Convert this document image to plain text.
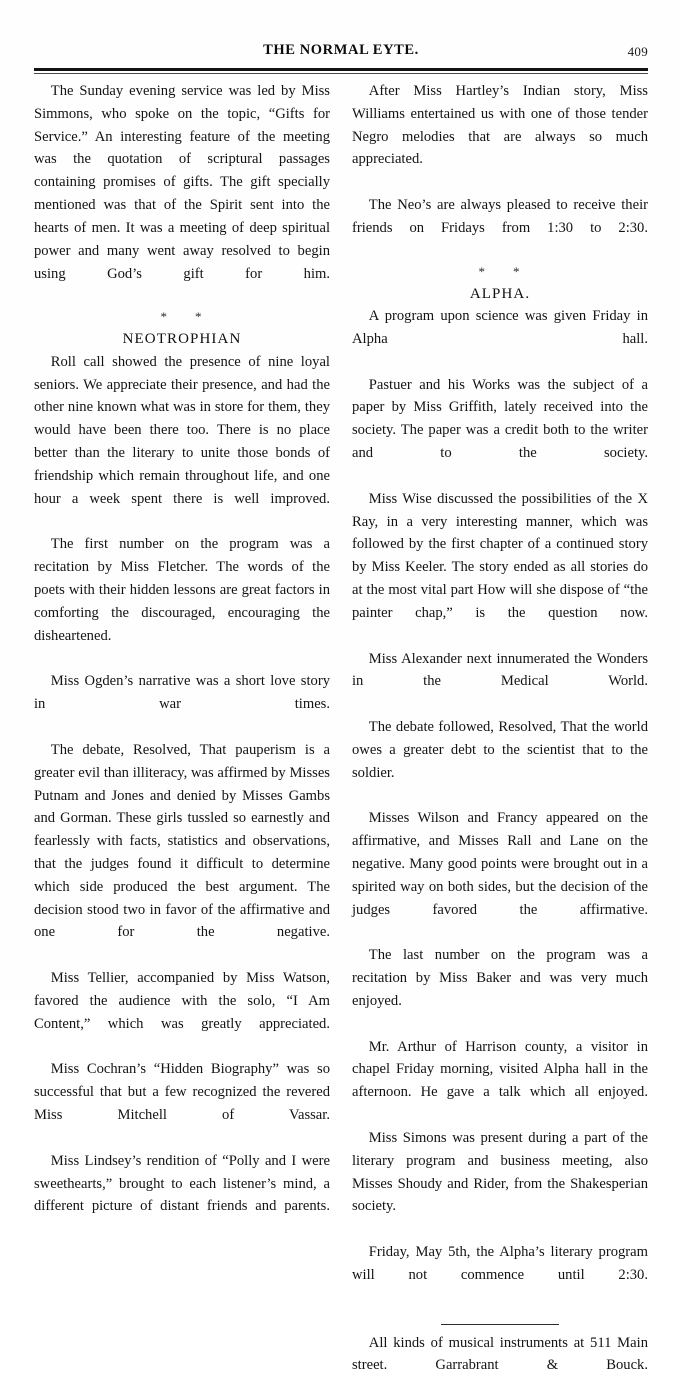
THE NORMAL EYTE.	409

The Sunday evening service was led by Miss Simmons, who spoke on the topic, “Gifts for Service.” An interesting feature of the meeting was the quotation of scriptural passages containing promises of gifts. The gift specially mentioned was that of the Spirit sent into the hearts of men. It was a meeting of deep spiritual power and many went away resolved to begin using God’s gift for him.

* *
NEOTROPHIAN

Roll call showed the presence of nine loyal seniors. We appreciate their presence, and had the other nine known what was in store for them, they would have been there too. There is no place better than the literary to unite those bonds of friendship which remain throughout life, and one hour a week spent there is well improved.

The first number on the program was a recitation by Miss Fletcher. The words of the poets with their hidden lessons are great factors in comforting the discouraged, encouraging the disheartened.

Miss Ogden’s narrative was a short love story in war times.

The debate, Resolved, That pauperism is a greater evil than illiteracy, was affirmed by Misses Putnam and Jones and denied by Misses Gambs and Gorman. These girls tussled so earnestly and fearlessly with facts, statistics and observations, that the judges found it difficult to determine which side produced the best argument. The decision stood two in favor of the affirmative and one for the negative.

Miss Tellier, accompanied by Miss Watson, favored the audience with the solo, “I Am Content,” which was greatly appreciated.

Miss Cochran’s “Hidden Biography” was so successful that but a few recognized the revered Miss Mitchell of Vassar.

Miss Lindsey’s rendition of “Polly and I were sweethearts,” brought to each listener’s mind, a different picture of distant friends and parents.

After Miss Hartley’s Indian story, Miss Williams entertained us with one of those tender Negro melodies that are always so much appreciated.

The Neo’s are always pleased to receive their friends on Fridays from 1:30 to 2:30.

* *
ALPHA.

A program upon science was given Friday in Alpha hall.

Pastuer and his Works was the subject of a paper by Miss Griffith, lately received into the society. The paper was a credit both to the writer and to the society.

Miss Wise discussed the possibilities of the X Ray, in a very interesting manner, which was followed by the first chapter of a continued story by Miss Keeler. The story ended as all stories do at the most vital part How will she dispose of “the painter chap,” is the question now.

Miss Alexander next innumerated the Wonders in the Medical World.

The debate followed, Resolved, That the world owes a greater debt to the scientist that to the soldier.

Misses Wilson and Francy appeared on the affirmative, and Misses Rall and Lane on the negative. Many good points were brought out in a spirited way on both sides, but the decision of the judges favored the affirmative.

The last number on the program was a recitation by Miss Baker and was very much enjoyed.

Mr. Arthur of Harrison county, a visitor in chapel Friday morning, visited Alpha hall in the afternoon. He gave a talk which all enjoyed.

Miss Simons was present during a part of the literary program and business meeting, also Misses Shoudy and Rider, from the Shakesperian society.

Friday, May 5th, the Alpha’s literary program will not commence until 2:30.

All kinds of musical instruments at 511 Main street. Garrabrant & Bouck.
